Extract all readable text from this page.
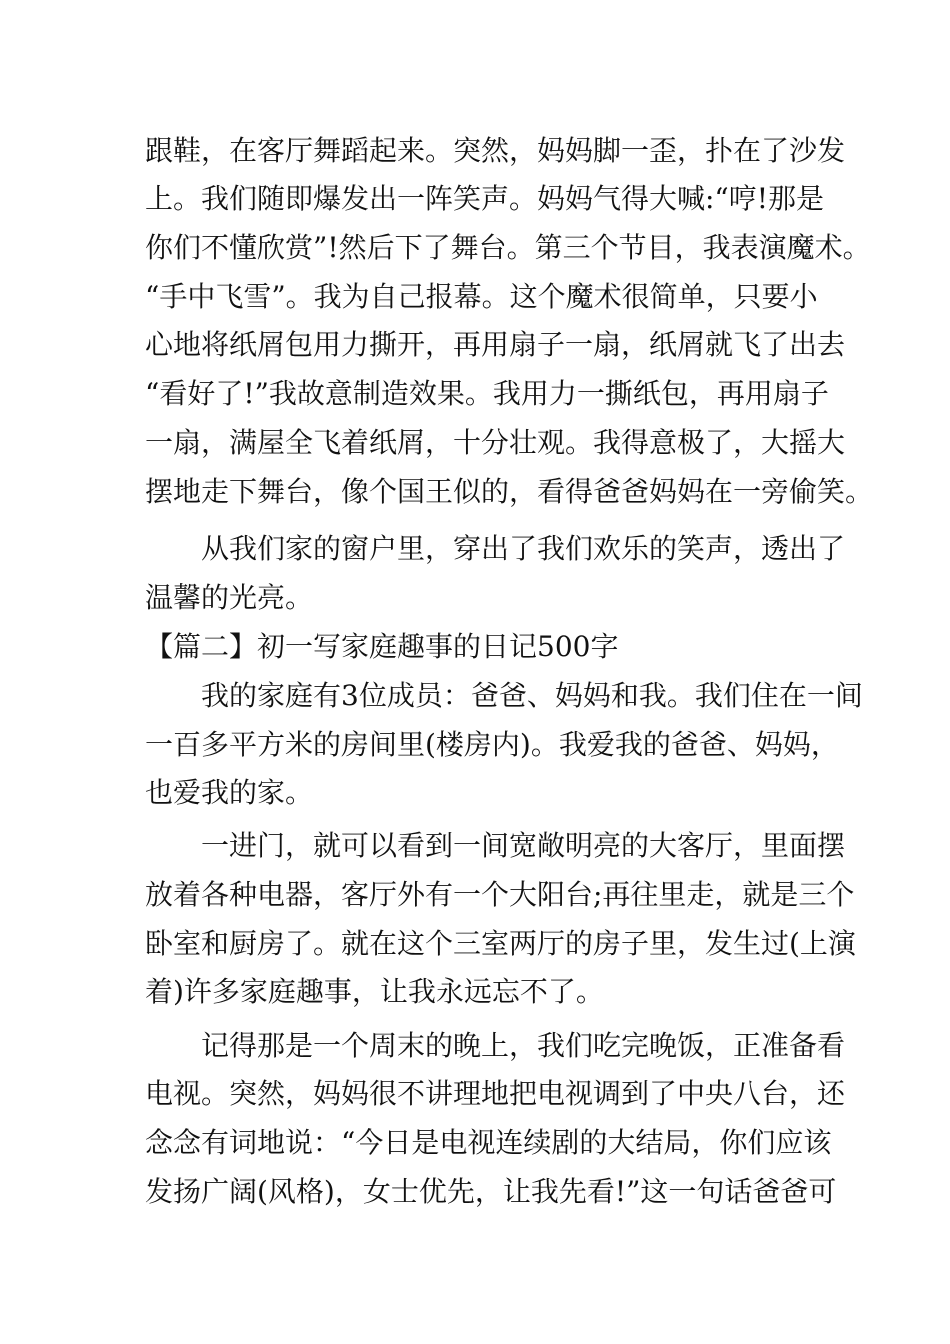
跟鞋，在客厅舞蹈起来。突然，妈妈脚一歪，扑在了沙发
上。我们随即爆发出一阵笑声。妈妈气得大喊:“哼!那是
你们不懂欣赏”!然后下了舞台。第三个节目，我表演魔术。
“手中飞雪”。我为自己报幕。这个魔术很简单，只要小
心地将纸屑包用力撕开，再用扇子一扇，纸屑就飞了出去
“看好了!”我故意制造效果。我用力一撕纸包，再用扇子
一扇，满屋全飞着纸屑，十分壮观。我得意极了，大摇大
摆地走下舞台，像个国王似的，看得爸爸妈妈在一旁偷笑。
从我们家的窗户里，穿出了我们欢乐的笑声，透出了
温馨的光亮。
【篇二】初一写家庭趣事的日记500字
我的家庭有3位成员：爸爸、妈妈和我。我们住在一间
一百多平方米的房间里(楼房内)。我爱我的爸爸、妈妈，
也爱我的家。
一进门，就可以看到一间宽敞明亮的大客厅，里面摆
放着各种电器，客厅外有一个大阳台;再往里走，就是三个
卧室和厨房了。就在这个三室两厅的房子里，发生过(上演
着)许多家庭趣事，让我永远忘不了。
记得那是一个周末的晚上，我们吃完晚饭，正准备看
电视。突然，妈妈很不讲理地把电视调到了中央八台，还
念念有词地说：“今日是电视连续剧的大结局，你们应该
发扬广阔(风格)，女士优先，让我先看!”这一句话爸爸可
